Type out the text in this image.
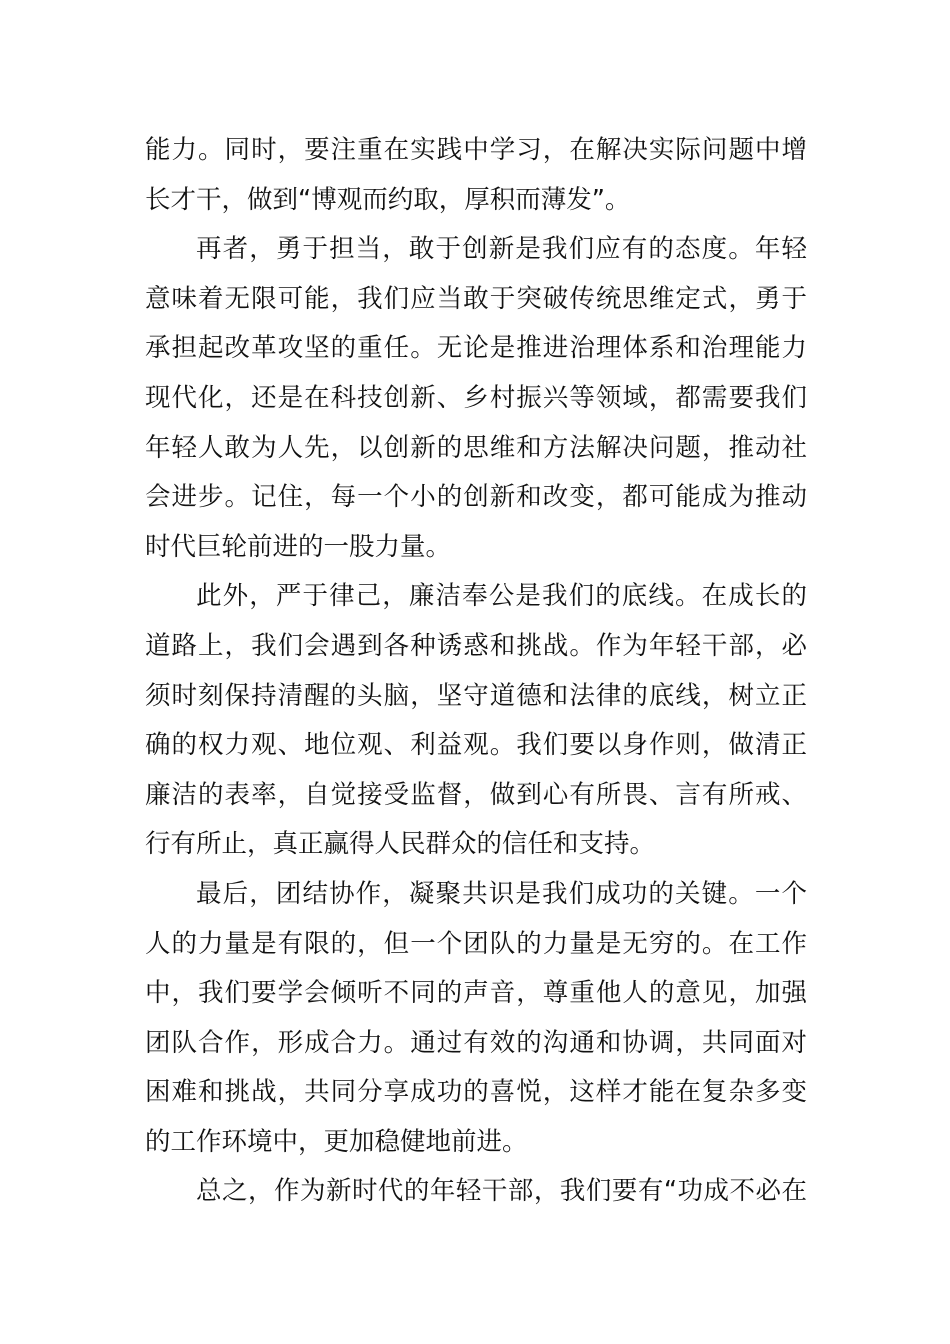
能力。同时，要注重在实践中学习，在解决实际问题中增
长才干，做到“博观而约取，厚积而薄发”。
再者，勇于担当，敢于创新是我们应有的态度。年轻
意味着无限可能，我们应当敢于突破传统思维定式，勇于
承担起改革攻坚的重任。无论是推进治理体系和治理能力
现代化，还是在科技创新、乡村振兴等领域，都需要我们
年轻人敢为人先，以创新的思维和方法解决问题，推动社
会进步。记住，每一个小的创新和改变，都可能成为推动
时代巨轮前进的一股力量。
此外，严于律己，廉洁奉公是我们的底线。在成长的
道路上，我们会遇到各种诱惑和挑战。作为年轻干部，必
须时刻保持清醒的头脑，坚守道德和法律的底线，树立正
确的权力观、地位观、利益观。我们要以身作则，做清正
廉洁的表率，自觉接受监督，做到心有所畏、言有所戒、
行有所止，真正赢得人民群众的信任和支持。
最后，团结协作，凝聚共识是我们成功的关键。一个
人的力量是有限的，但一个团队的力量是无穷的。在工作
中，我们要学会倾听不同的声音，尊重他人的意见，加强
团队合作，形成合力。通过有效的沟通和协调，共同面对
困难和挑战，共同分享成功的喜悦，这样才能在复杂多变
的工作环境中，更加稳健地前进。
总之，作为新时代的年轻干部，我们要有“功成不必在
